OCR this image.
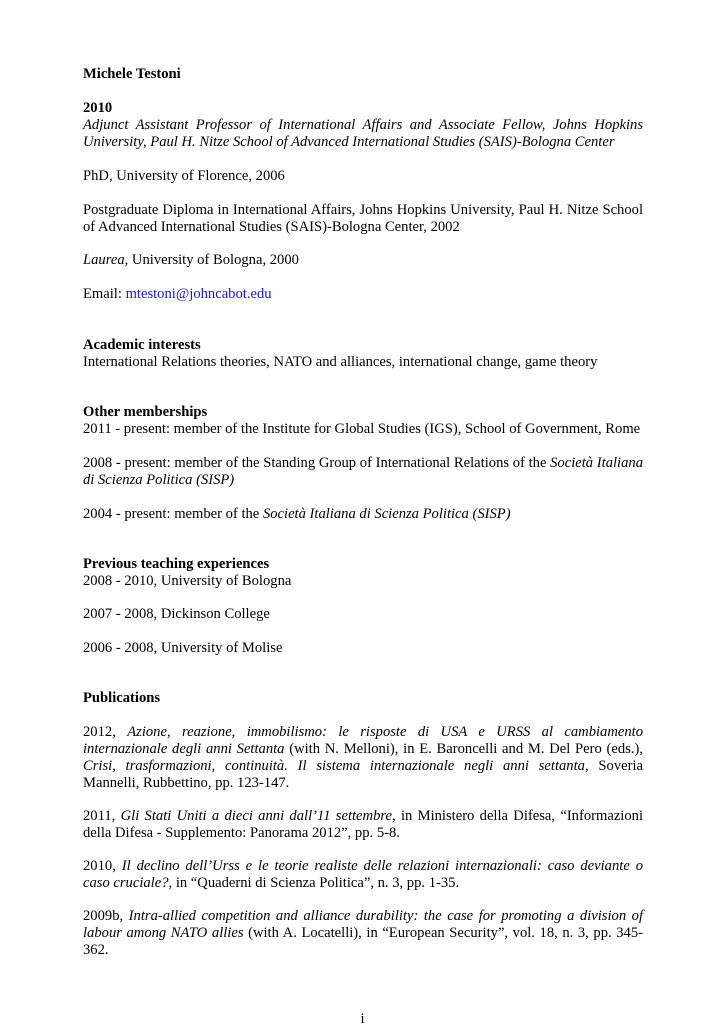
Michele Testoni

2010

Adjunct Assistant Professor of International Affairs and Associate Fellow, Johns Hopkins University, Paul H. Nitze School of Advanced International Studies (SAIS)-Bologna Center

PhD, University of Florence, 2006

Postgraduate Diploma in International Affairs, Johns Hopkins University, Paul H. Nitze School of Advanced International Studies (SAIS)-Bologna Center, 2002

Laurea, University of Bologna, 2000

Email: mtestoni@johncabot.edu

Academic interests

International Relations theories, NATO and alliances, international change, game theory

Other memberships

2011 - present: member of the Institute for Global Studies (IGS), School of Government, Rome

2008 - present: member of the Standing Group of International Relations of the Società Italiana di Scienza Politica (SISP)

2004 - present: member of the Società Italiana di Scienza Politica (SISP)

Previous teaching experiences

2008 - 2010, University of Bologna

2007 - 2008, Dickinson College

2006 - 2008, University of Molise

Publications

2012, Azione, reazione, immobilismo: le risposte di USA e URSS al cambiamento internazionale degli anni Settanta (with N. Melloni), in E. Baroncelli and M. Del Pero (eds.), Crisi, trasformazioni, continuità. Il sistema internazionale negli anni settanta, Soveria Mannelli, Rubbettino, pp. 123-147.

2011, Gli Stati Uniti a dieci anni dall’11 settembre, in Ministero della Difesa, “Informazioni della Difesa - Supplemento: Panorama 2012”, pp. 5-8.

2010, Il declino dell’Urss e le teorie realiste delle relazioni internazionali: caso deviante o caso cruciale?, in “Quaderni di Scienza Politica”, n. 3, pp. 1-35.

2009b, Intra-allied competition and alliance durability: the case for promoting a division of labour among NATO allies (with A. Locatelli), in “European Security”, vol. 18, n. 3, pp. 345-362.

i
